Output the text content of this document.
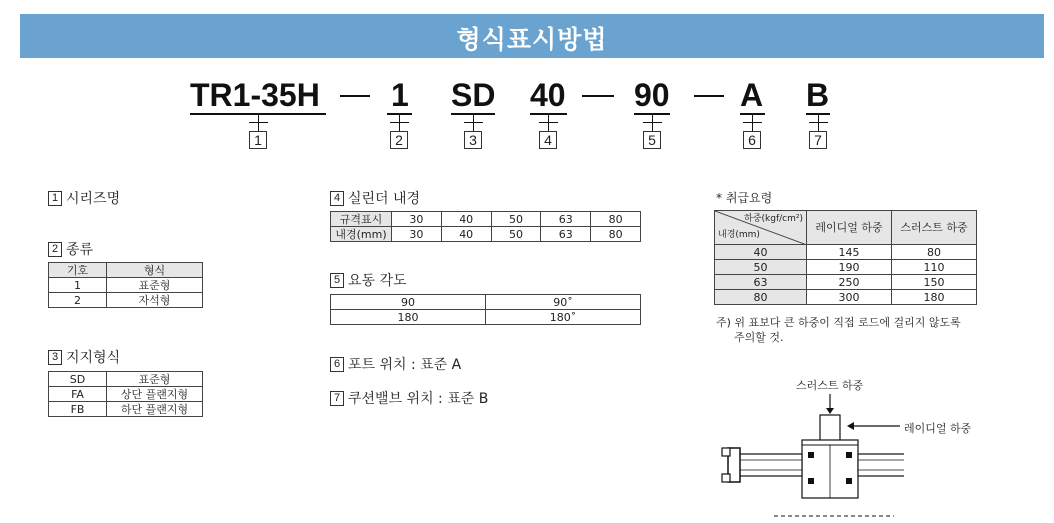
형식표시방법
TR1-35H 1 SD 40 90 A B
1	2	3	4	5	6	7
1 시리즈명
2 종류
기호	형식
1	표준형
2	자석형
3 지지형식
SD	표준형
FA	상단 플랜지형
FB	하단 플랜지형
4 실린더 내경
규격표시	30	40	50	63	80
내경(mm)	30	40	50	63	80
5 요동 각도
90	90˚
180	180˚
6 포트 위치 : 표준 A
7 쿠션밸브 위치 : 표준 B
* 취급요령
하중(kgf/cm²)
내경(mm)	레이디얼 하중	스러스트 하중
40	145	80
50	190	110
63	250	150
80	300	180
주) 위 표보다 큰 하중이 직접 로드에 걸리지 않도록
주의할 것.
스러스트 하중
레이디얼 하중
